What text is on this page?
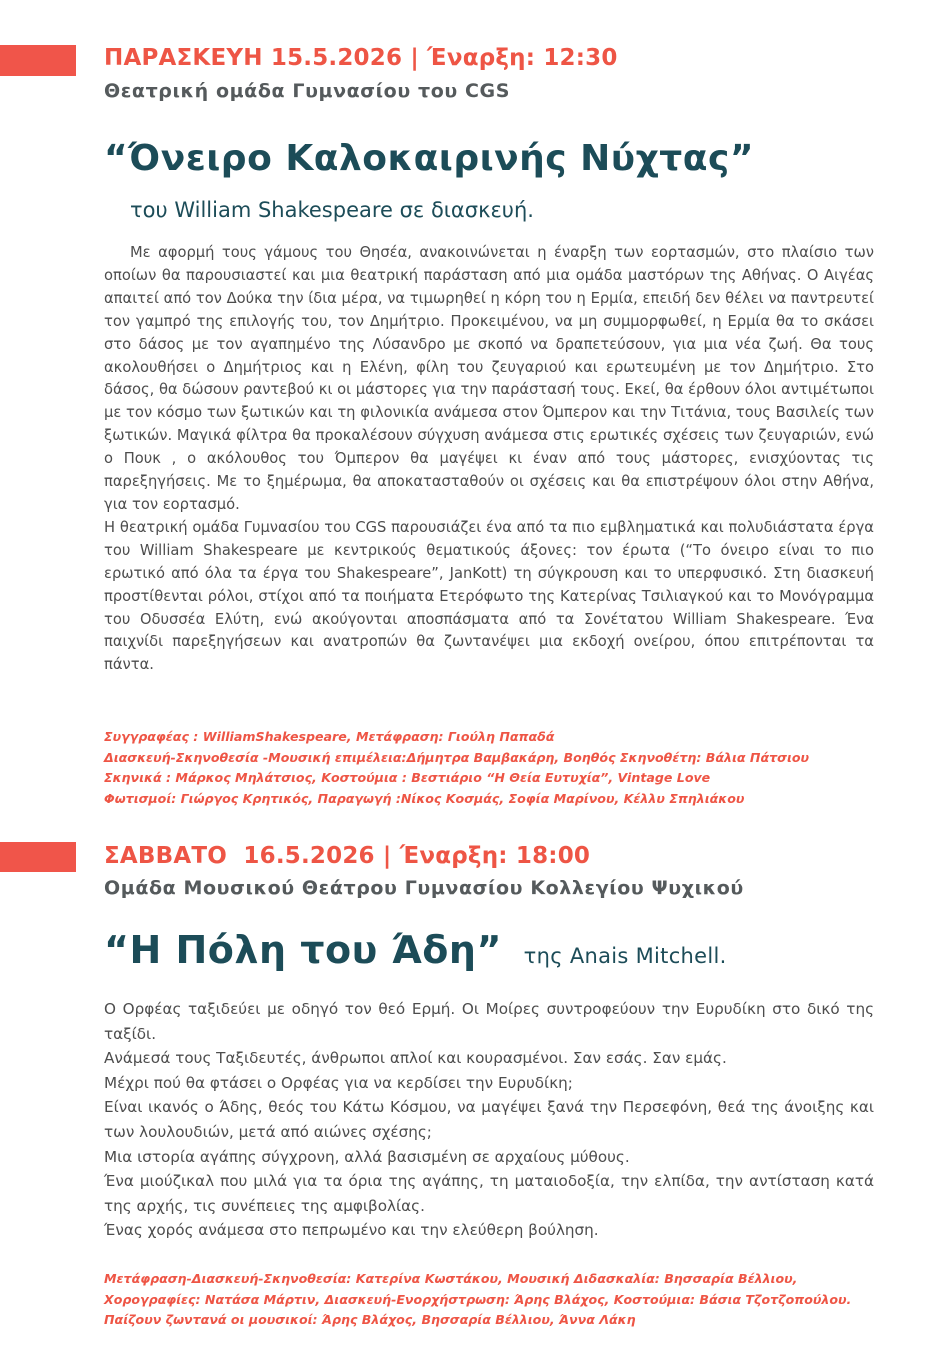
ΠΑΡΑΣΚΕΥΗ 15.5.2026 | Έναρξη: 12:30
Θεατρική ομάδα Γυμνασίου του CGS
“Όνειρο Καλοκαιρινής Νύχτας”
του William Shakespeare σε διασκευή.

Με αφορμή τους γάμους του Θησέα, ανακοινώνεται η έναρξη των εορτασμών, στο πλαίσιο των οποίων θα παρουσιαστεί και μια θεατρική παράσταση από μια ομάδα μαστόρων της Αθήνας. Ο Αιγέας απαιτεί από τον Δούκα την ίδια μέρα, να τιμωρηθεί η κόρη του η Ερμία, επειδή δεν θέλει να παντρευτεί τον γαμπρό της επιλογής του, τον Δημήτριο. Προκειμένου, να μη συμμορφωθεί, η Ερμία θα το σκάσει στο δάσος με τον αγαπημένο της Λύσανδρο με σκοπό να δραπετεύσουν, για μια νέα ζωή. Θα τους ακολουθήσει ο Δημήτριος και η Ελένη, φίλη του ζευγαριού και ερωτευμένη με τον Δημήτριο. Στο δάσος, θα δώσουν ραντεβού κι οι μάστορες για την παράστασή τους. Εκεί, θα έρθουν όλοι αντιμέτωποι με τον κόσμο των ξωτικών και τη φιλονικία ανάμεσα στον Όμπερον και την Τιτάνια, τους Βασιλείς των ξωτικών. Μαγικά φίλτρα θα προκαλέσουν σύγχυση ανάμεσα στις ερωτικές σχέσεις των ζευγαριών, ενώ ο Πουκ , ο ακόλουθος του Όμπερον θα μαγέψει κι έναν από τους μάστορες, ενισχύοντας τις παρεξηγήσεις. Με το ξημέρωμα, θα αποκατασταθούν οι σχέσεις και θα επιστρέψουν όλοι στην Αθήνα, για τον εορτασμό.

Η θεατρική ομάδα Γυμνασίου του CGS παρουσιάζει ένα από τα πιο εμβληματικά και πολυδιάστατα έργα του William Shakespeare με κεντρικούς θεματικούς άξονες: τον έρωτα (“Το όνειρο είναι το πιο ερωτικό από όλα τα έργα του Shakespeare”, JanKott) τη σύγκρουση και το υπερφυσικό. Στη διασκευή προστίθενται ρόλοι, στίχοι από τα ποιήματα Ετερόφωτο της Κατερίνας Τσιλιαγκού και το Μονόγραμμα του Οδυσσέα Ελύτη, ενώ ακούγονται αποσπάσματα από τα Σονέτατου William Shakespeare. Ένα παιχνίδι παρεξηγήσεων και ανατροπών θα ζωντανέψει μια εκδοχή ονείρου, όπου επιτρέπονται τα πάντα.

Συγγραφέας : WilliamShakespeare, Μετάφραση: Γιούλη Παπαδά
Διασκευή-Σκηνοθεσία -Μουσική επιμέλεια:Δήμητρα Βαμβακάρη, Βοηθός Σκηνοθέτη: Βάλια Πάτσιου
Σκηνικά : Μάρκος Μηλάτσιος, Κοστούμια : Βεστιάριο “Η Θεία Ευτυχία”, Vintage Love
Φωτισμοί: Γιώργος Κρητικός, Παραγωγή :Νίκος Κοσμάς, Σοφία Μαρίνου, Κέλλυ Σπηλιάκου
ΣΑΒΒΑΤΟ  16.5.2026 | Έναρξη: 18:00
Ομάδα Μουσικού Θεάτρου Γυμνασίου Κολλεγίου Ψυχικού
“Η Πόλη του Άδη” της Anais Mitchell.

Ο Ορφέας ταξιδεύει με οδηγό τον θεό Ερμή. Οι Μοίρες συντροφεύουν την Ευρυδίκη στο δικό της ταξίδι.

Ανάμεσά τους Ταξιδευτές, άνθρωποι απλοί και κουρασμένοι. Σαν εσάς. Σαν εμάς.

Μέχρι πού θα φτάσει ο Ορφέας για να κερδίσει την Ευρυδίκη;

Είναι ικανός ο Άδης, θεός του Κάτω Κόσμου, να μαγέψει ξανά την Περσεφόνη, θεά της άνοιξης και των λουλουδιών, μετά από αιώνες σχέσης;

Μια ιστορία αγάπης σύγχρονη, αλλά βασισμένη σε αρχαίους μύθους.

Ένα μιούζικαλ που μιλά για τα όρια της αγάπης, τη ματαιοδοξία, την ελπίδα, την αντίσταση κατά της αρχής, τις συνέπειες της αμφιβολίας.

Ένας χορός ανάμεσα στο πεπρωμένο και την ελεύθερη βούληση.

Μετάφραση-Διασκευή-Σκηνοθεσία: Κατερίνα Κωστάκου, Μουσική Διδασκαλία: Βησσαρία Βέλλιου,
Χορογραφίες: Νατάσα Μάρτιν, Διασκευή-Ενορχήστρωση: Άρης Βλάχος, Κοστούμια: Βάσια Τζοτζοπούλου.
Παίζουν ζωντανά οι μουσικοί: Άρης Βλάχος, Βησσαρία Βέλλιου, Άννα Λάκη
